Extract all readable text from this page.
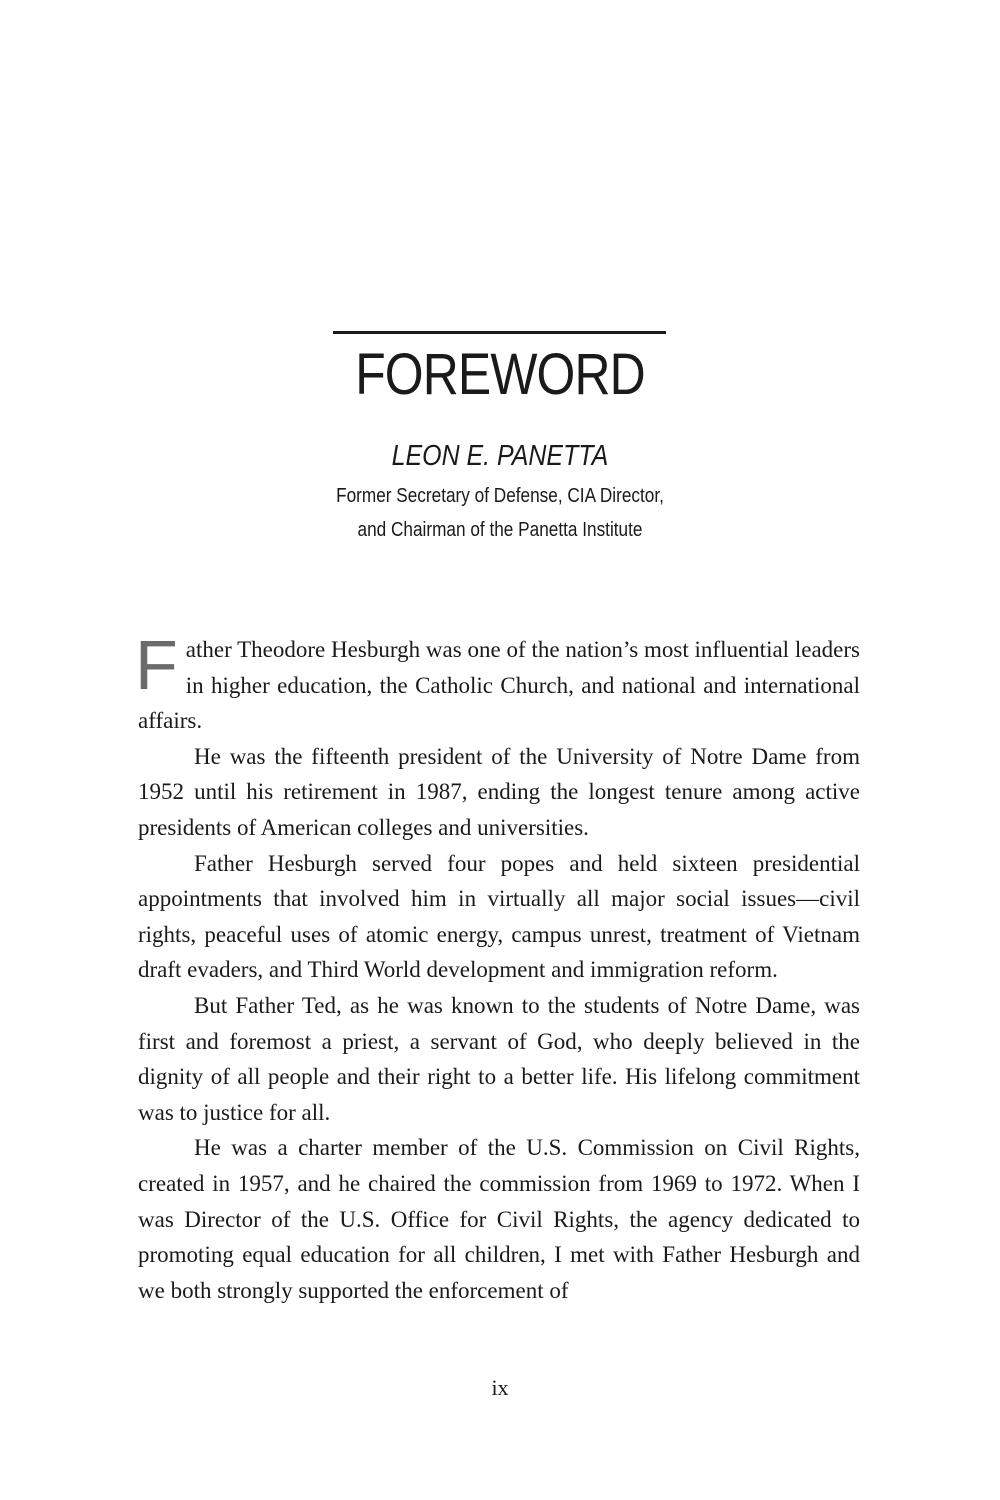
FOREWORD
LEON E. PANETTA
Former Secretary of Defense, CIA Director,
and Chairman of the Panetta Institute

Father Theodore Hesburgh was one of the nation’s most influential leaders in higher education, the Catholic Church, and national and international affairs.

He was the fifteenth president of the University of Notre Dame from 1952 until his retirement in 1987, ending the longest tenure among active presidents of American colleges and universities.

Father Hesburgh served four popes and held sixteen presidential appointments that involved him in virtually all major social issues—civil rights, peaceful uses of atomic energy, campus unrest, treatment of Vietnam draft evaders, and Third World development and immigration reform.

But Father Ted, as he was known to the students of Notre Dame, was first and foremost a priest, a servant of God, who deeply believed in the dignity of all people and their right to a better life. His lifelong commitment was to justice for all.

He was a charter member of the U.S. Commission on Civil Rights, created in 1957, and he chaired the commission from 1969 to 1972. When I was Director of the U.S. Office for Civil Rights, the agency dedicated to promoting equal education for all children, I met with Father Hesburgh and we both strongly supported the enforcement of

ix
